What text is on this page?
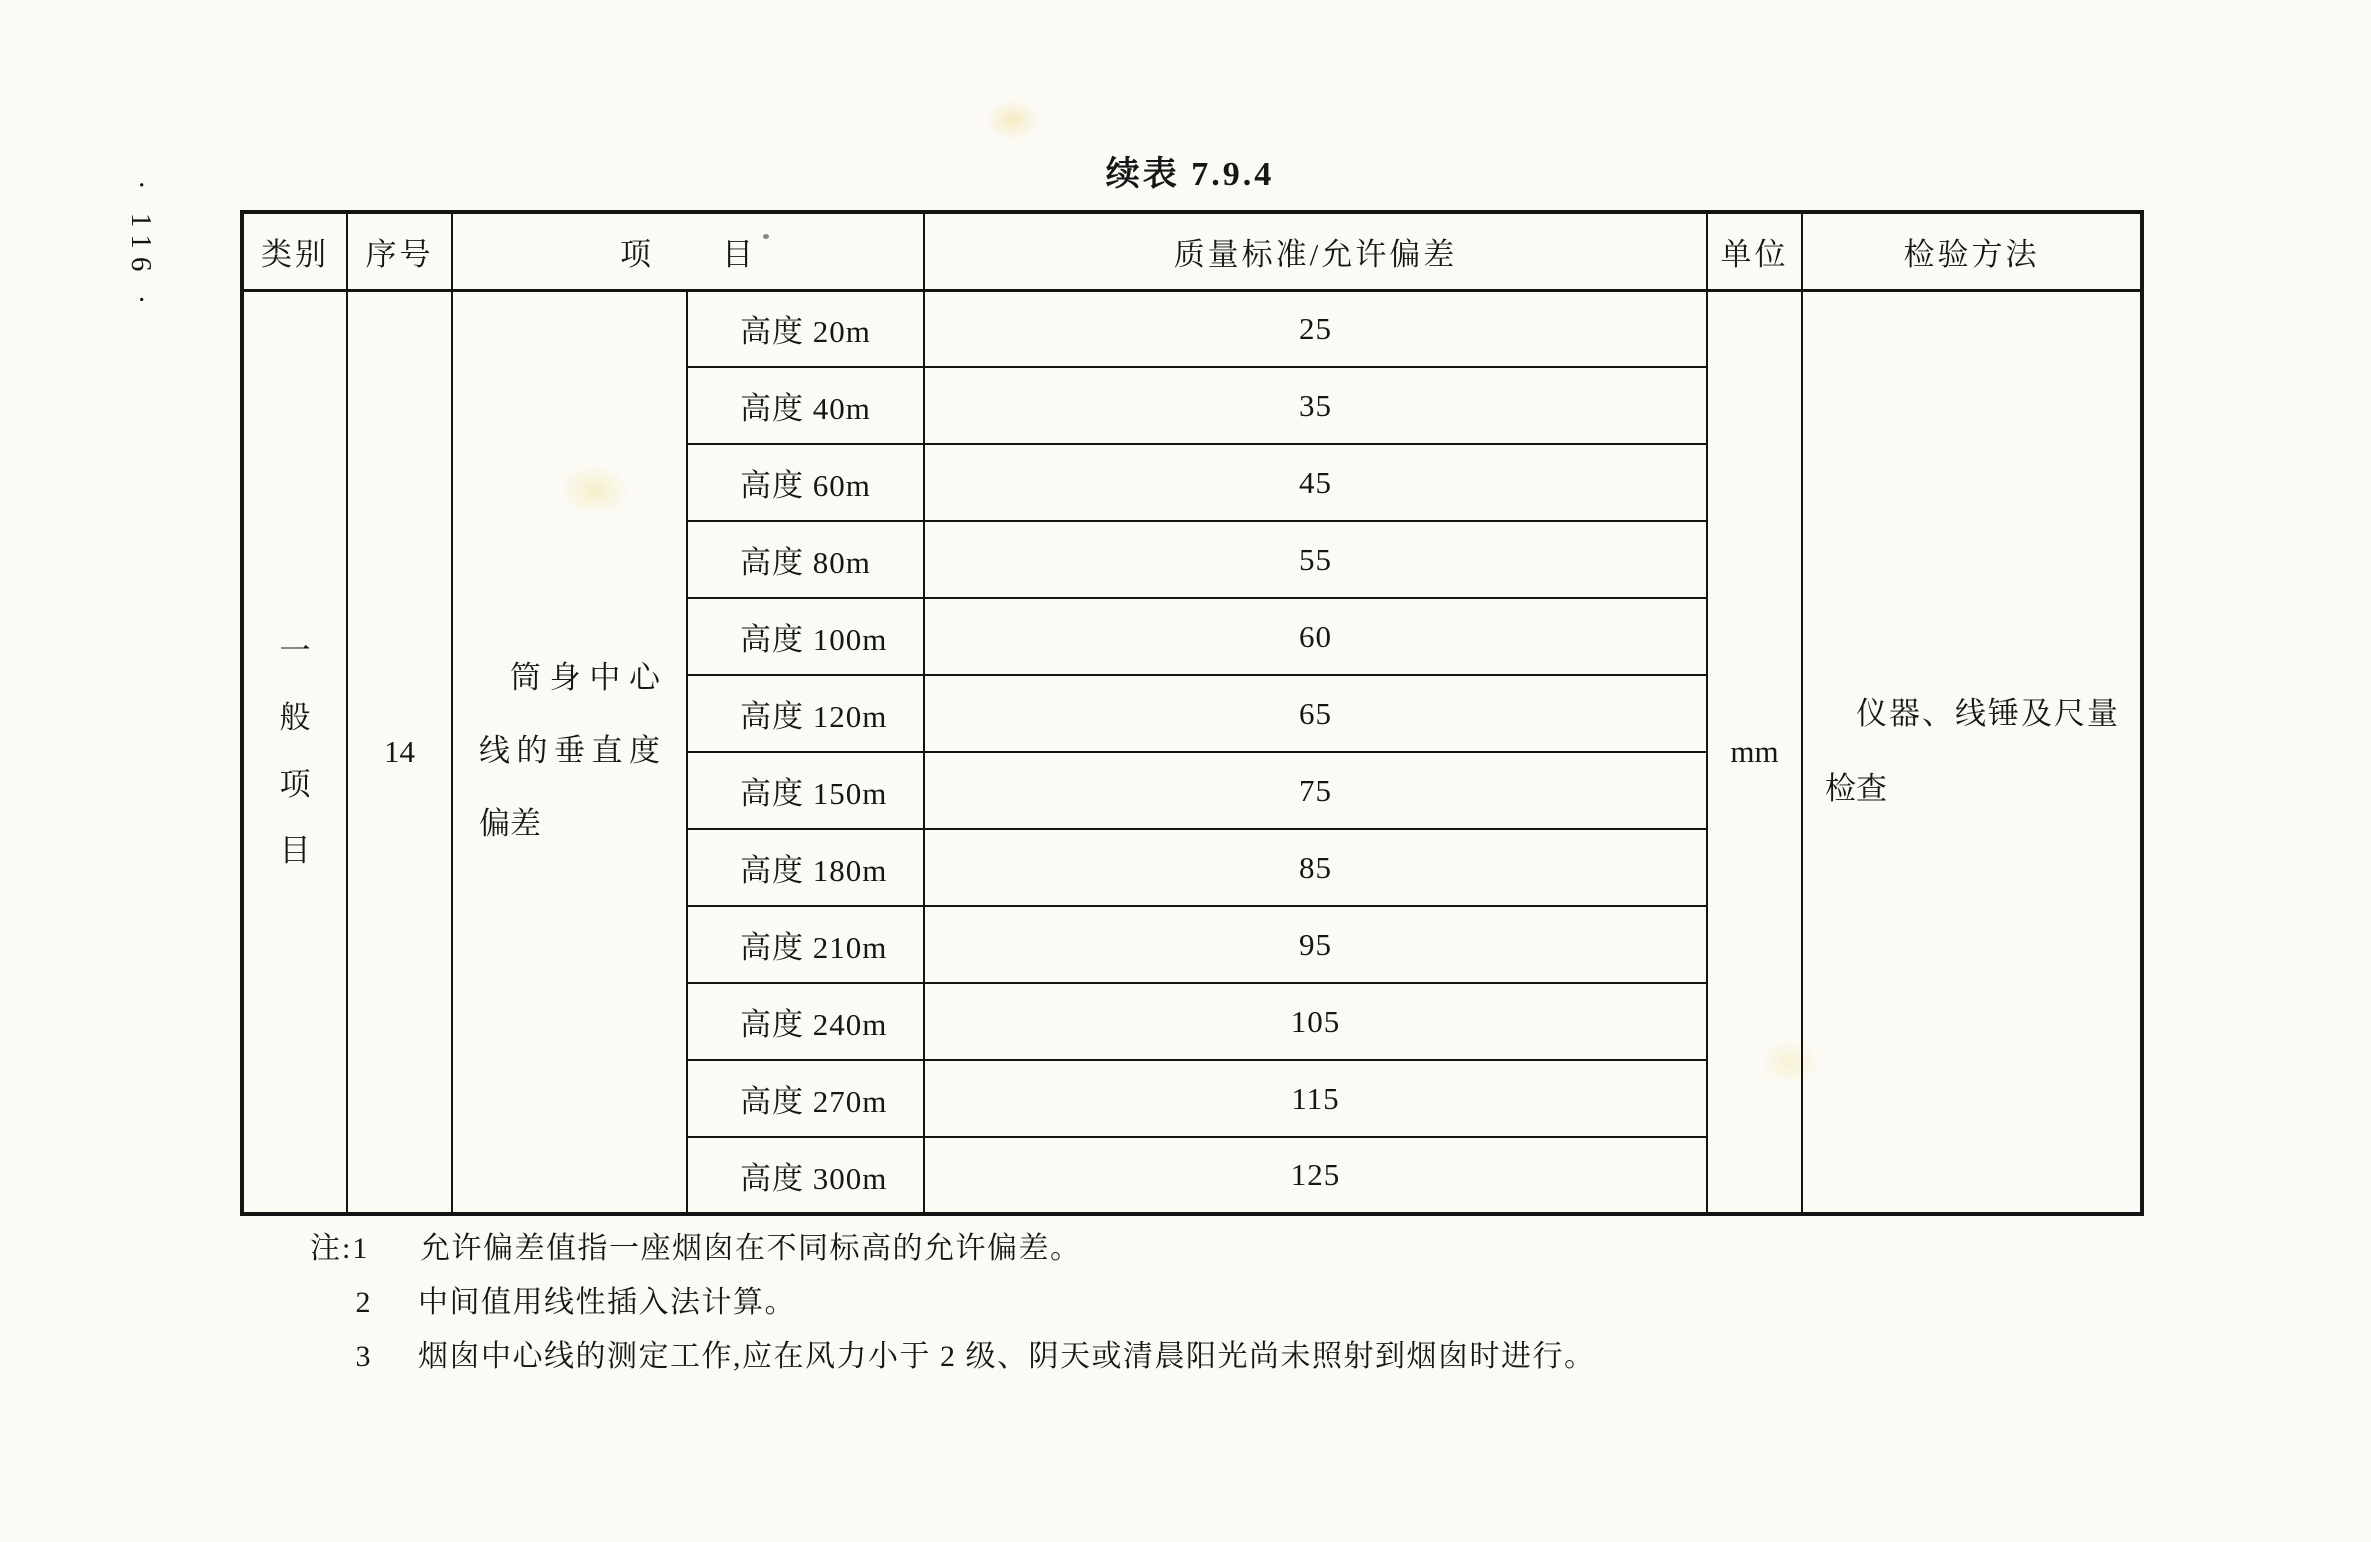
· 116 ·
续表 7.9.4
类别	序号	项　　目		质量标准/允许偏差	单位	检验方法

一般项目	14	筒身中心线的垂直度偏差	高度 20m	25	mm	仪器、线锤及尺量检查
			高度 40m	35		
			高度 60m	45		
			高度 80m	55		
			高度 100m	60		
			高度 120m	65		
			高度 150m	75		
			高度 180m	85		
			高度 210m	95		
			高度 240m	105		
			高度 270m	115		
			高度 300m	125		
注:1	允许偏差值指一座烟囱在不同标高的允许偏差。
2	中间值用线性插入法计算。
3	烟囱中心线的测定工作,应在风力小于 2 级、阴天或清晨阳光尚未照射到烟囱时进行。
